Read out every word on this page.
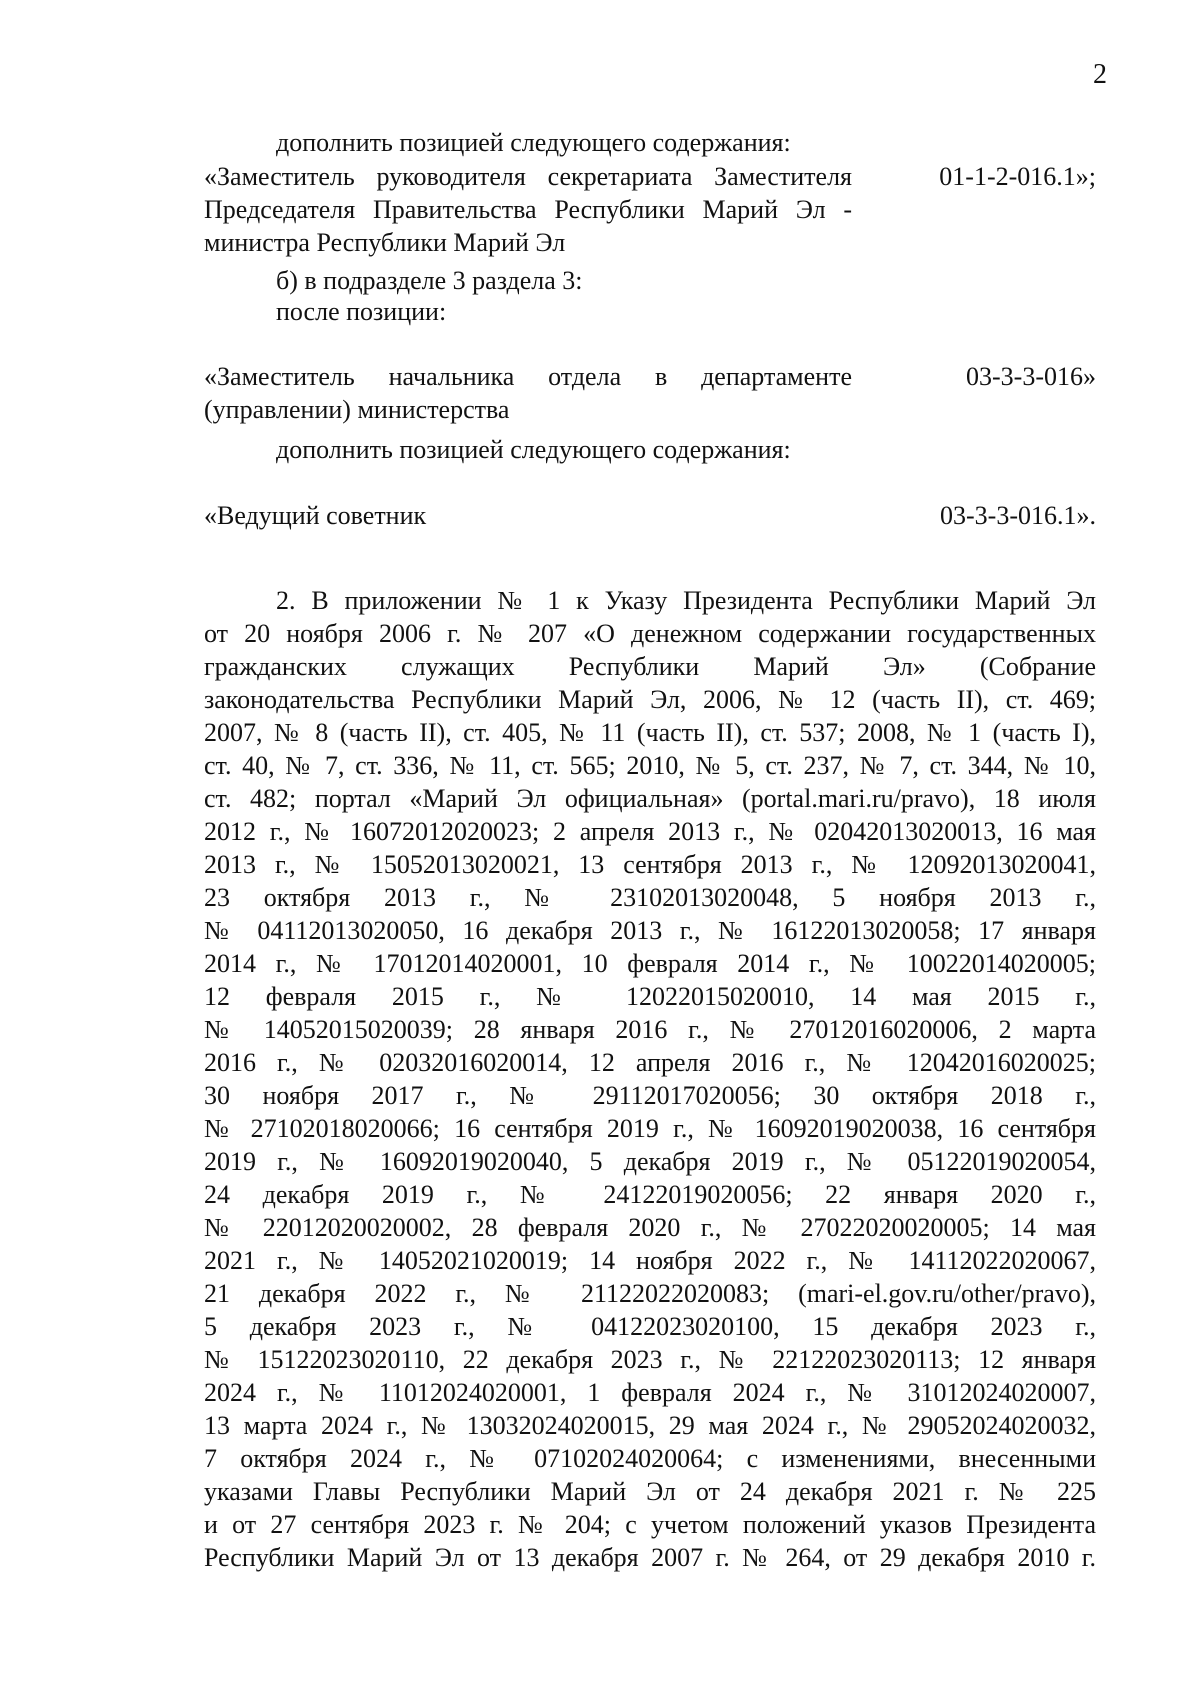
2
дополнить позицией следующего содержания:
«Заместитель руководителя секретариата Заместителя	01-1-2-016.1»;
Председателя Правительства Республики Марий Эл -
министра Республики Марий Эл
б) в подразделе 3 раздела 3:
после позиции:
«Заместитель начальника отдела в департаменте	03-3-3-016»
(управлении) министерства
дополнить позицией следующего содержания:
«Ведущий советник	03-3-3-016.1».
2. В приложении № 1 к Указу Президента Республики Марий Эл
от 20 ноября 2006 г. № 207 «О денежном содержании государственных
гражданских служащих Республики Марий Эл» (Собрание
законодательства Республики Марий Эл, 2006, № 12 (часть II), ст. 469;
2007, № 8 (часть II), ст. 405, № 11 (часть II), ст. 537; 2008, № 1 (часть I),
ст. 40, № 7, ст. 336, № 11, ст. 565; 2010, № 5, ст. 237, № 7, ст. 344, № 10,
ст. 482; портал «Марий Эл официальная» (portal.mari.ru/pravo), 18 июля
2012 г., № 16072012020023; 2 апреля 2013 г., № 02042013020013, 16 мая
2013 г., № 15052013020021, 13 сентября 2013 г., № 12092013020041,
23 октября 2013 г., № 23102013020048, 5 ноября 2013 г.,
№ 04112013020050, 16 декабря 2013 г., № 16122013020058; 17 января
2014 г., № 17012014020001, 10 февраля 2014 г., № 10022014020005;
12 февраля 2015 г., № 12022015020010, 14 мая 2015 г.,
№ 14052015020039; 28 января 2016 г., № 27012016020006, 2 марта
2016 г., № 02032016020014, 12 апреля 2016 г., № 12042016020025;
30 ноября 2017 г., № 29112017020056; 30 октября 2018 г.,
№ 27102018020066; 16 сентября 2019 г., № 16092019020038, 16 сентября
2019 г., № 16092019020040, 5 декабря 2019 г., № 05122019020054,
24 декабря 2019 г., № 24122019020056; 22 января 2020 г.,
№ 22012020020002, 28 февраля 2020 г., № 27022020020005; 14 мая
2021 г., № 14052021020019; 14 ноября 2022 г., № 14112022020067,
21 декабря 2022 г., № 21122022020083; (mari-el.gov.ru/other/pravo),
5 декабря 2023 г., № 04122023020100, 15 декабря 2023 г.,
№ 15122023020110, 22 декабря 2023 г., № 22122023020113; 12 января
2024 г., № 11012024020001, 1 февраля 2024 г., № 31012024020007,
13 марта 2024 г., № 13032024020015, 29 мая 2024 г., № 29052024020032,
7 октября 2024 г., № 07102024020064; с изменениями, внесенными
указами Главы Республики Марий Эл от 24 декабря 2021 г. № 225
и от 27 сентября 2023 г. № 204; с учетом положений указов Президента
Республики Марий Эл от 13 декабря 2007 г. № 264, от 29 декабря 2010 г.
